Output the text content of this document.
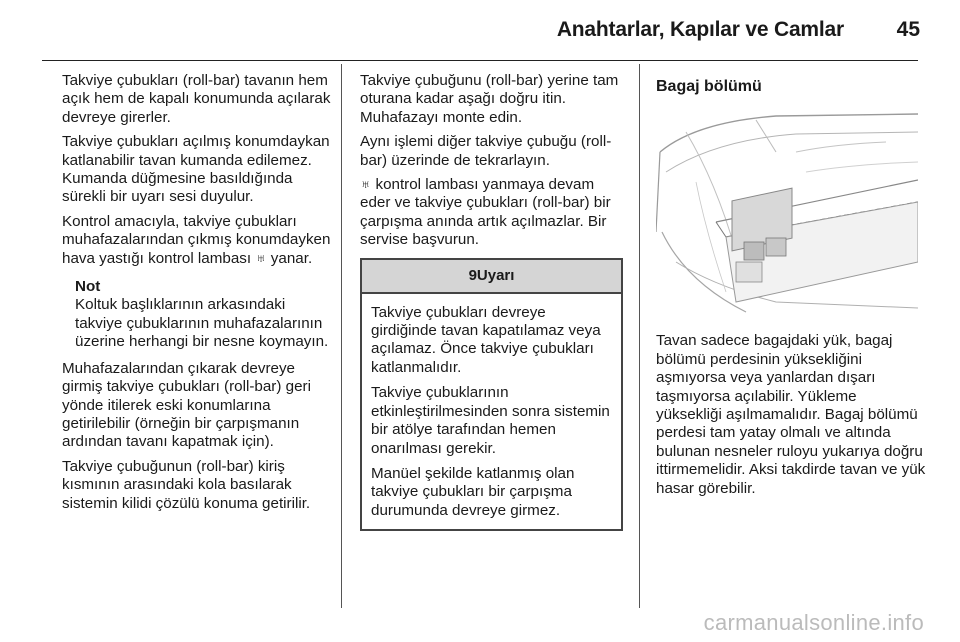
Anahtarlar, Kapılar ve Camlar	45

Takviye çubukları (roll-bar) tavanın hem açık hem de kapalı konumunda açılarak devreye girerler.

Takviye çubukları açılmış konumdaykan katlanabilir tavan kumanda edilemez. Kumanda düğmesine basıldığında sürekli bir uyarı sesi duyulur.

Kontrol amacıyla, takviye çubukları muhafazalarından çıkmış konumdayken hava yastığı kontrol lambası ♅ yanar.

Not
Koltuk başlıklarının arkasındaki takviye çubuklarının muhafazalarının üzerine herhangi bir nesne koymayın.

Muhafazalarından çıkarak devreye girmiş takviye çubukları (roll-bar) geri yönde itilerek eski konumlarına getirilebilir (örneğin bir çarpışmanın ardından tavanı kapatmak için).

Takviye çubuğunun (roll-bar) kiriş kısmının arasındaki kola basılarak sistemin kilidi çözülü konuma getirilir.

Takviye çubuğunu (roll-bar) yerine tam oturana kadar aşağı doğru itin. Muhafazayı monte edin.

Aynı işlemi diğer takviye çubuğu (roll-bar) üzerinde de tekrarlayın.

♅ kontrol lambası yanmaya devam eder ve takviye çubukları (roll-bar) bir çarpışma anında artık açılmazlar. Bir servise başvurun.

9Uyarı

Takviye çubukları devreye girdiğinde tavan kapatılamaz veya açılamaz. Önce takviye çubukları katlanmalıdır.

Takviye çubuklarının etkinleştirilmesinden sonra sistemin bir atölye tarafından hemen onarılması gerekir.

Manüel şekilde katlanmış olan takviye çubukları bir çarpışma durumunda devreye girmez.

Bagaj bölümü

Tavan sadece bagajdaki yük, bagaj bölümü perdesinin yüksekliğini aşmıyorsa veya yanlardan dışarı taşmıyorsa açılabilir. Yükleme yüksekliği aşılmamalıdır. Bagaj bölümü perdesi tam yatay olmalı ve altında bulunan nesneler ruloyu yukarıya doğru ittirmemelidir. Aksi takdirde tavan ve yük hasar görebilir.

carmanualsonline.info
